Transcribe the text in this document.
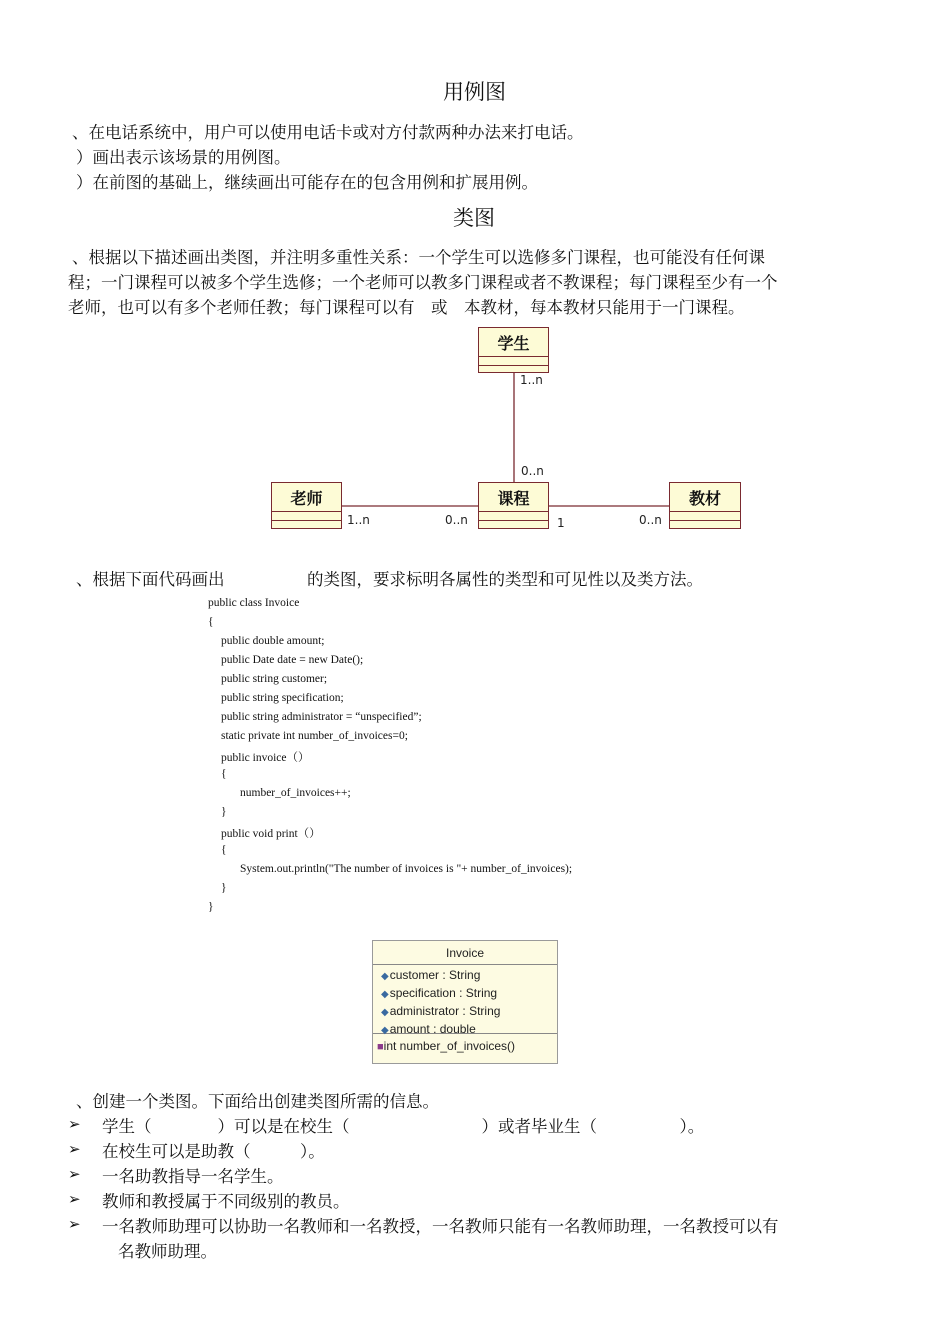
用例图
、在电话系统中，用户可以使用电话卡或对方付款两种办法来打电话。
）画出表示该场景的用例图。
）在前图的基础上，继续画出可能存在的包含用例和扩展用例。
类图
、根据以下描述画出类图，并注明多重性关系：一个学生可以选修多门课程，也可能没有任何课
程；一门课程可以被多个学生选修；一个老师可以教多门课程或者不教课程；每门课程至少有一个
老师，也可以有多个老师任教；每门课程可以有　或　本教材，每本教材只能用于一门课程。
学生
老师	课程	教材
1..n
0..n
1..n	0..n	1	0..n
、根据下面代码画出　　　　　的类图，要求标明各属性的类型和可见性以及类方法。
public class Invoice
{
public double amount;
public Date date = new Date();
public string customer;
public string specification;
public string administrator = “unspecified”;
static private int number_of_invoices=0;
public invoice（）
{
number_of_invoices++;
}
public void print（）
{
System.out.println("The number of invoices is "+ number_of_invoices);
}
}
Invoice
◆customer : String
◆specification : String
◆administrator : String
◆amount : double
■int number_of_invoices()
、创建一个类图。下面给出创建类图所需的信息。
➢ 学生（　　　　）可以是在校生（　　　　　　　　）或者毕业生（　　　　　）。
➢ 在校生可以是助教（　　　）。
➢ 一名助教指导一名学生。
➢ 教师和教授属于不同级别的教员。
➢ 一名教师助理可以协助一名教师和一名教授，一名教师只能有一名教师助理，一名教授可以有
名教师助理。
